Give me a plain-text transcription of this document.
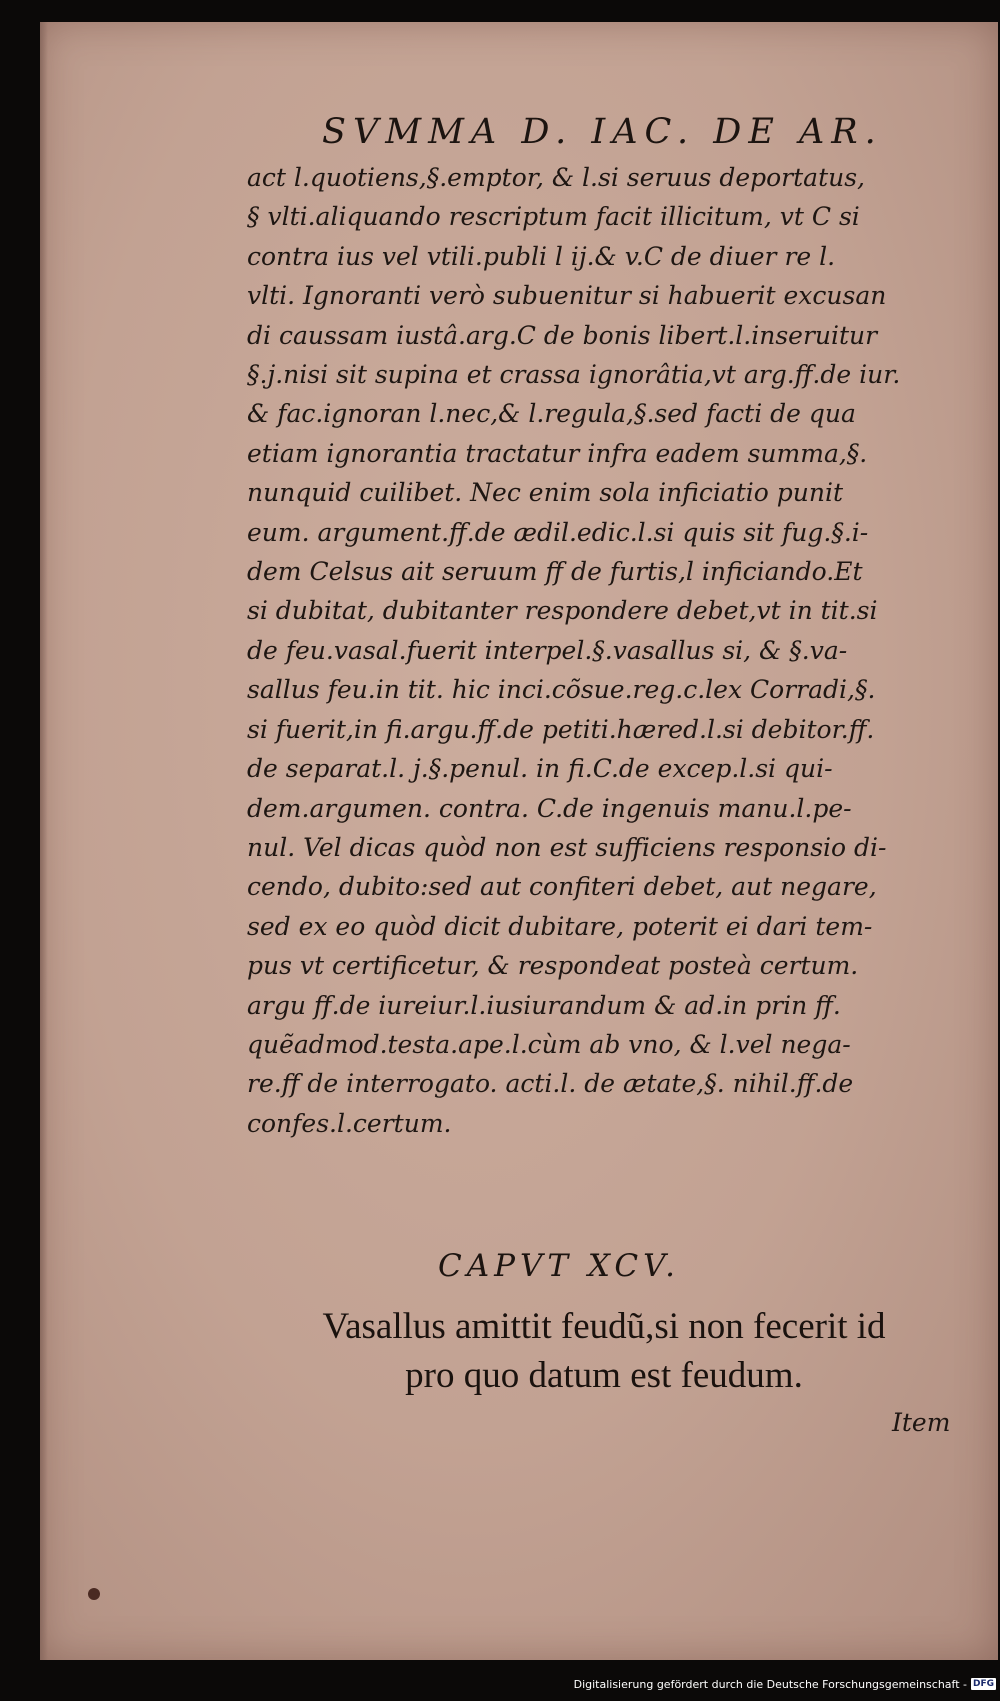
SVMMA D. IAC. DE AR.
act l.quotiens,§.emptor, & l.si seruus deportatus,
§ vlti.aliquando rescriptum facit illicitum, vt C si
contra ius vel vtili.publi l ij.& v.C de diuer re l.
vlti. Ignoranti verò subuenitur si habuerit excusan
di caussam iustâ.arg.C de bonis libert.l.inseruitur
§.j.nisi sit supina et crassa ignorâtia,vt arg.ff.de iur.
& fac.ignoran l.nec,& l.regula,§.sed facti de qua
etiam ignorantia tractatur infra eadem summa,§.
nunquid cuilibet. Nec enim sola inficiatio punit
eum. argument.ff.de ædil.edic.l.si quis sit fug.§.i-
dem Celsus ait seruum ff de furtis,l inficiando.Et
si dubitat, dubitanter respondere debet,vt in tit.si
de feu.vasal.fuerit interpel.§.vasallus si, & §.va-
sallus feu.in tit. hic inci.cõsue.reg.c.lex Corradi,§.
si fuerit,in fi.argu.ff.de petiti.hæred.l.si debitor.ff.
de separat.l. j.§.penul. in fi.C.de excep.l.si qui-
dem.argumen. contra. C.de ingenuis manu.l.pe-
nul. Vel dicas quòd non est sufficiens responsio di-
cendo, dubito:sed aut confiteri debet, aut negare,
sed ex eo quòd dicit dubitare, poterit ei dari tem-
pus vt certificetur, & respondeat posteà certum.
argu ff.de iureiur.l.iusiurandum & ad.in prin ff.
quẽadmod.testa.ape.l.cùm ab vno, & l.vel nega-
re.ff de interrogato. acti.l. de ætate,§. nihil.ff.de
confes.l.certum.
CAPVT XCV.
Vasallus amittit feudũ,si non fecerit id
pro quo datum est feudum.
Item
Digitalisierung gefördert durch die Deutsche Forschungsgemeinschaft - DFG
